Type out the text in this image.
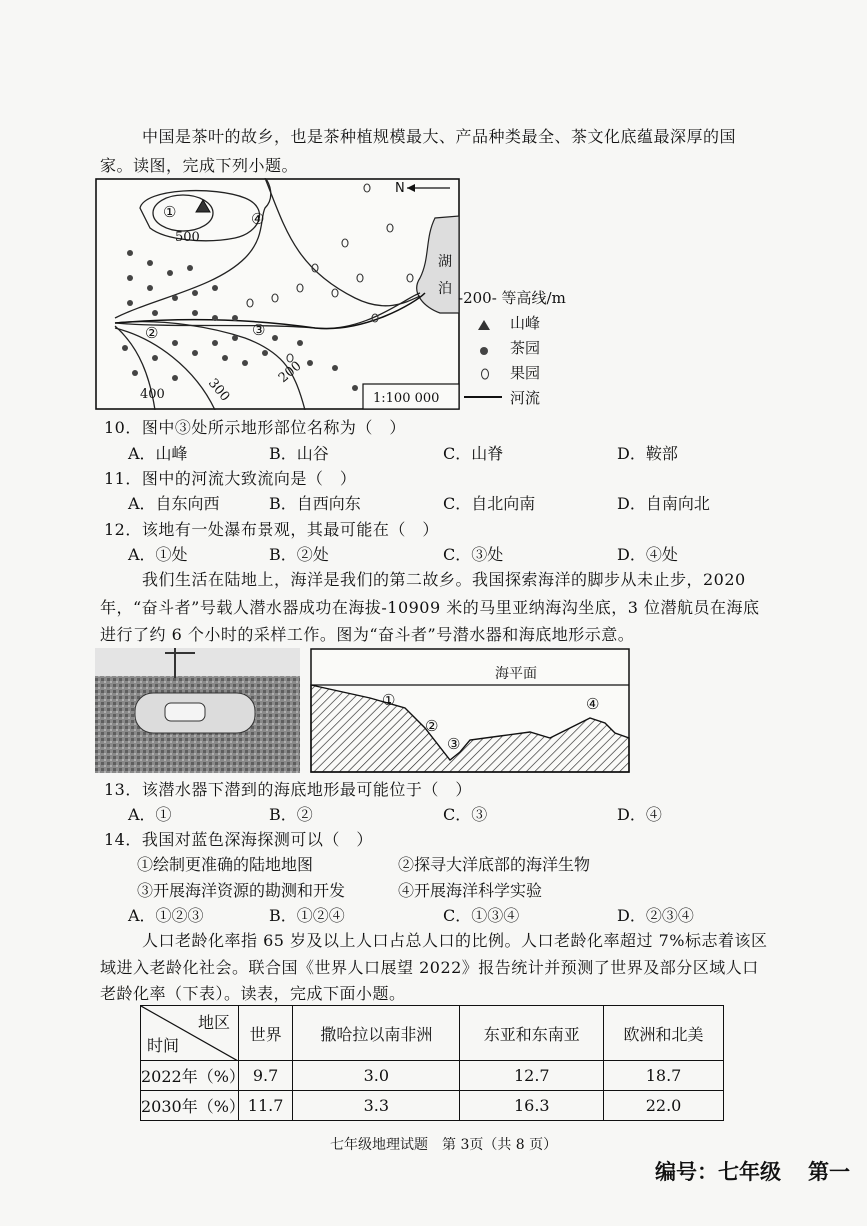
中国是茶叶的故乡，也是茶种植规模最大、产品种类最全、茶文化底蕴最深厚的国
家。读图，完成下列小题。
N
500
200
300
400
①
②	③
④
湖
泊
1:100 000
-200- 等高线/m
山峰
茶园
果园
河流
10．图中③处所示地形部位名称为（　）
A．山峰	B．山谷	C．山脊	D．鞍部
11．图中的河流大致流向是（　）
A．自东向西	B．自西向东	C．自北向南	D．自南向北
12．该地有一处瀑布景观，其最可能在（　）
A．①处	B．②处	C．③处	D．④处
我们生活在陆地上，海洋是我们的第二故乡。我国探索海洋的脚步从未止步，2020
年，“奋斗者”号载人潜水器成功在海拔-10909 米的马里亚纳海沟坐底，3 位潜航员在海底
进行了约 6 个小时的采样工作。图为“奋斗者”号潜水器和海底地形示意。
海平面
①
②
③
④
13．该潜水器下潜到的海底地形最可能位于（　）
A．①	B．②	C．③	D．④
14．我国对蓝色深海探测可以（　）
①绘制更准确的陆地地图	②探寻大洋底部的海洋生物
③开展海洋资源的勘测和开发	④开展海洋科学实验
A．①②③	B．①②④	C．①③④	D．②③④
人口老龄化率指 65 岁及以上人口占总人口的比例。人口老龄化率超过 7%标志着该区
域进入老龄化社会。联合国《世界人口展望 2022》报告统计并预测了世界及部分区域人口
老龄化率（下表）。读表，完成下面小题。
地区
时间	世界	撒哈拉以南非洲	东亚和东南亚	欧洲和北美
2022年（%）	9.7	3.0	12.7	18.7
2030年（%）	11.7	3.3	16.3	22.0
七年级地理试题　第 3页（共 8 页）
编号：七年级 第一
